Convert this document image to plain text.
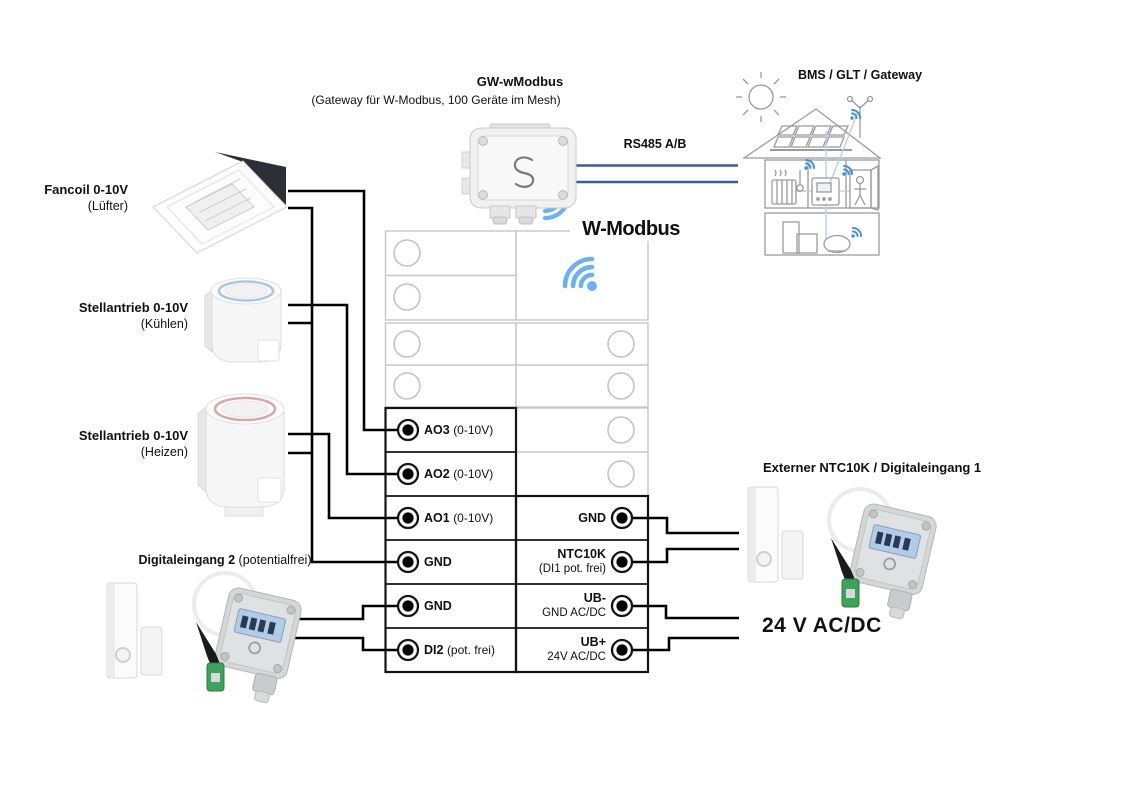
GW-wModbus
(Gateway für W-Modbus, 100 Geräte im Mesh)
RS485 A/B
BMS / GLT / Gateway
W-Modbus
Fancoil 0-10V
(Lüfter)
Stellantrieb 0-10V
(Kühlen)
Stellantrieb 0-10V
(Heizen)
Digitaleingang 2 (potentialfrei)
Externer NTC10K / Digitaleingang 1
24 V AC/DC
AO3 (0-10V)
AO2 (0-10V)
AO1 (0-10V)
GND
GND
DI2 (pot. frei)
GND
NTC10K
(DI1 pot. frei)
UB-
GND AC/DC
UB+
24V AC/DC
